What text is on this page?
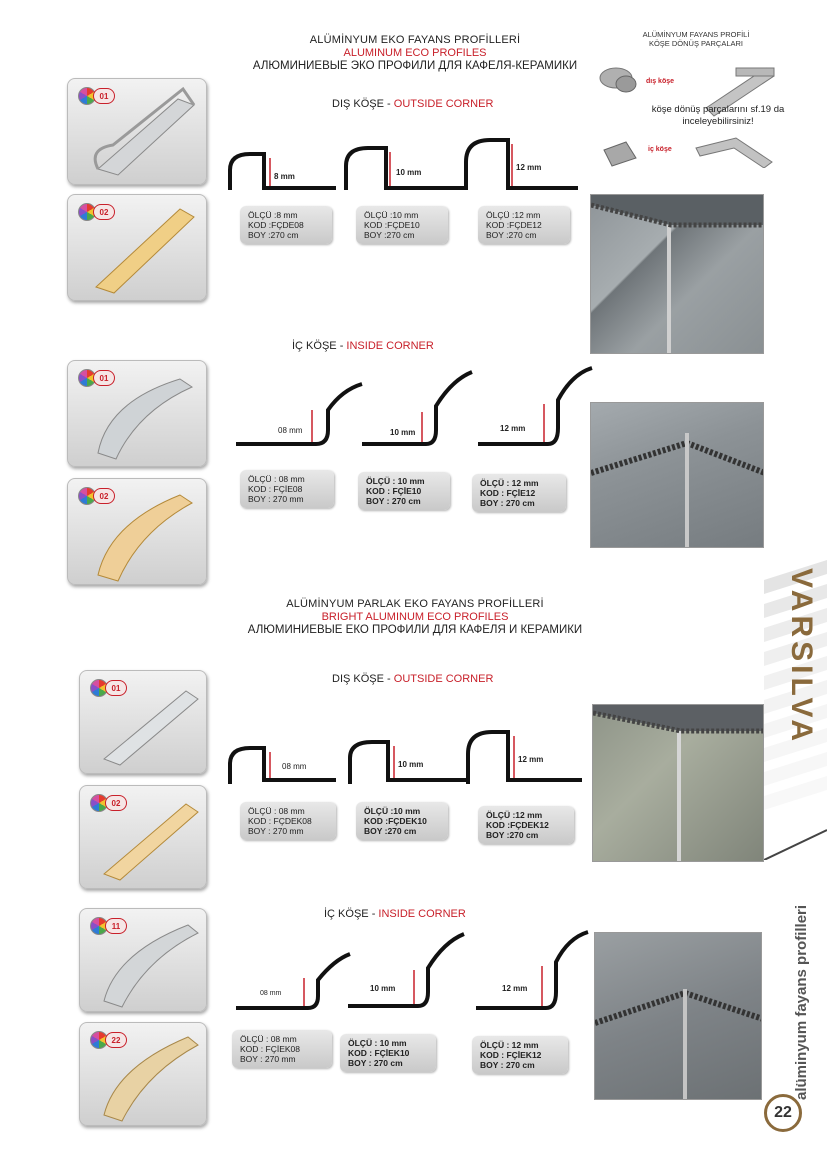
ALÜMİNYUM EKO FAYANS PROFİLLERİ
ALUMINUM ECO PROFILES
АЛЮМИНИЕВЫЕ ЭКО ПРОФИЛИ ДЛЯ КАФЕЛЯ-КЕРАМИКИ
ALÜMİNYUM FAYANS PROFİLİ
KÖŞE DÖNÜŞ PARÇALARI
dış köşe
köşe dönüş parçalarını sf.19 da inceleyebilirsiniz!
iç köşe
DIŞ KÖŞE - OUTSIDE CORNER
01
02
8 mm	10 mm
12 mm
ÖLÇÜ :8 mm
KOD :FÇDE08
BOY :270 cm
ÖLÇÜ :10 mm
KOD :FÇDE10
BOY :270 cm
ÖLÇÜ :12 mm
KOD :FÇDE12
BOY :270 cm
İÇ KÖŞE - INSIDE CORNER
01
02
08 mm	10 mm	12 mm
ÖLÇÜ : 08 mm
KOD : FÇİE08
BOY : 270 mm
ÖLÇÜ : 10 mm
KOD : FÇİE10
BOY : 270 cm
ÖLÇÜ : 12 mm
KOD : FÇİE12
BOY : 270 cm
ALÜMİNYUM PARLAK EKO FAYANS PROFİLLERİ
BRIGHT ALUMINUM ECO PROFILES
АЛЮМИНИЕВЫЕ ЕКО ПРОФИЛИ ДЛЯ КАФЕЛЯ И КЕРАМИКИ
DIŞ KÖŞE - OUTSIDE CORNER
01
02
08 mm	10 mm
12 mm
ÖLÇÜ : 08 mm
KOD : FÇDEK08
BOY : 270 mm
ÖLÇÜ :10 mm
KOD :FÇDEK10
BOY :270 cm
ÖLÇÜ :12 mm
KOD :FÇDEK12
BOY :270 cm
İÇ KÖŞE - INSIDE CORNER
11
22
08 mm
10 mm	12 mm
ÖLÇÜ : 08 mm
KOD : FÇİEK08
BOY : 270 mm
ÖLÇÜ : 10 mm
KOD : FÇİEK10
BOY : 270 cm
ÖLÇÜ : 12 mm
KOD : FÇİEK12
BOY : 270 cm
VARSILVA
alüminyum fayans profilleri
22
